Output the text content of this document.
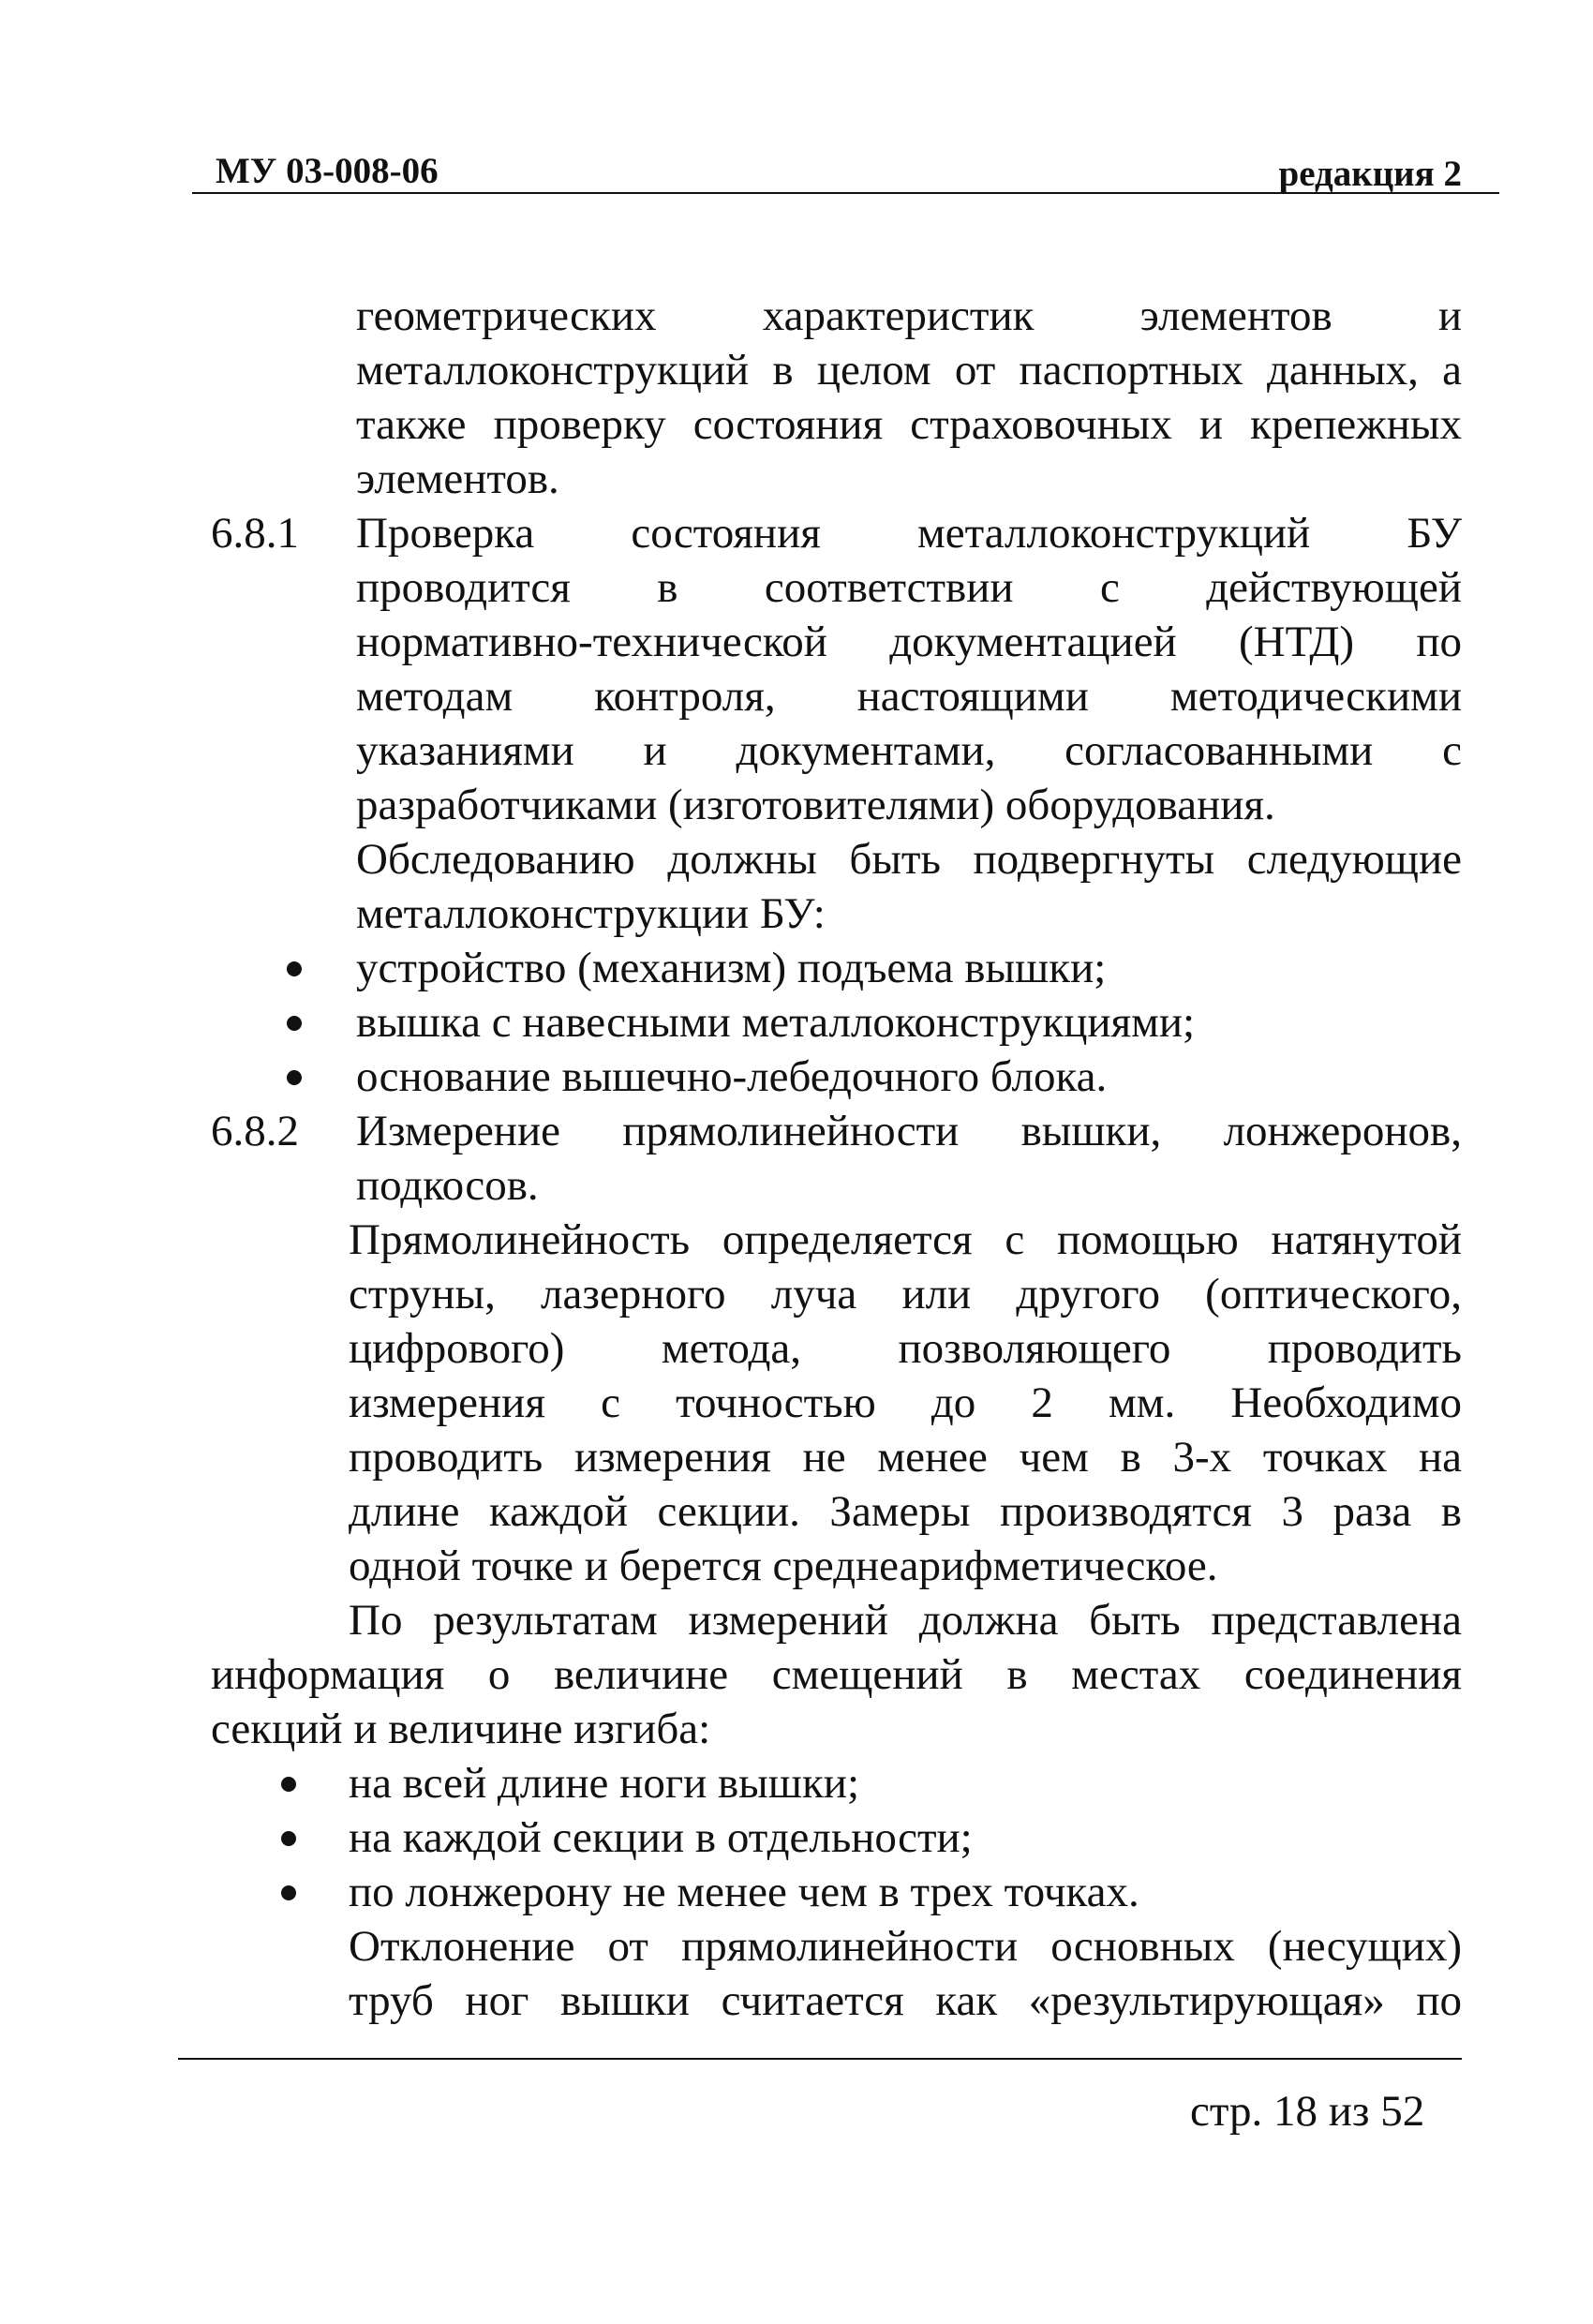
МУ 03-008-06	редакция 2
геометрических характеристик элементов и
металлоконструкций в целом от паспортных данных, а
также проверку состояния страховочных и крепежных
элементов.
6.8.1 Проверка состояния металлоконструкций БУ
проводится в соответствии с действующей
нормативно-технической документацией (НТД) по
методам контроля, настоящими методическими
указаниями и документами, согласованными с
разработчиками (изготовителями) оборудования.
Обследованию должны быть подвергнуты следующие
металлоконструкции БУ:
устройство (механизм) подъема вышки;
вышка с навесными металлоконструкциями;
основание вышечно-лебедочного блока.
6.8.2 Измерение прямолинейности вышки, лонжеронов,
подкосов.
Прямолинейность определяется с помощью натянутой
струны, лазерного луча или другого (оптического,
цифрового) метода, позволяющего проводить
измерения с точностью до 2 мм. Необходимо
проводить измерения не менее чем в 3-х точках на
длине каждой секции. Замеры производятся 3 раза в
одной точке и берется среднеарифметическое.
По результатам измерений должна быть представлена
информация о величине смещений в местах соединения
секций и величине изгиба:
на всей длине ноги вышки;
на каждой секции в отдельности;
по лонжерону не менее чем в трех точках.
Отклонение от прямолинейности основных (несущих)
труб ног вышки считается как «результирующая» по
стр. 18 из 52
